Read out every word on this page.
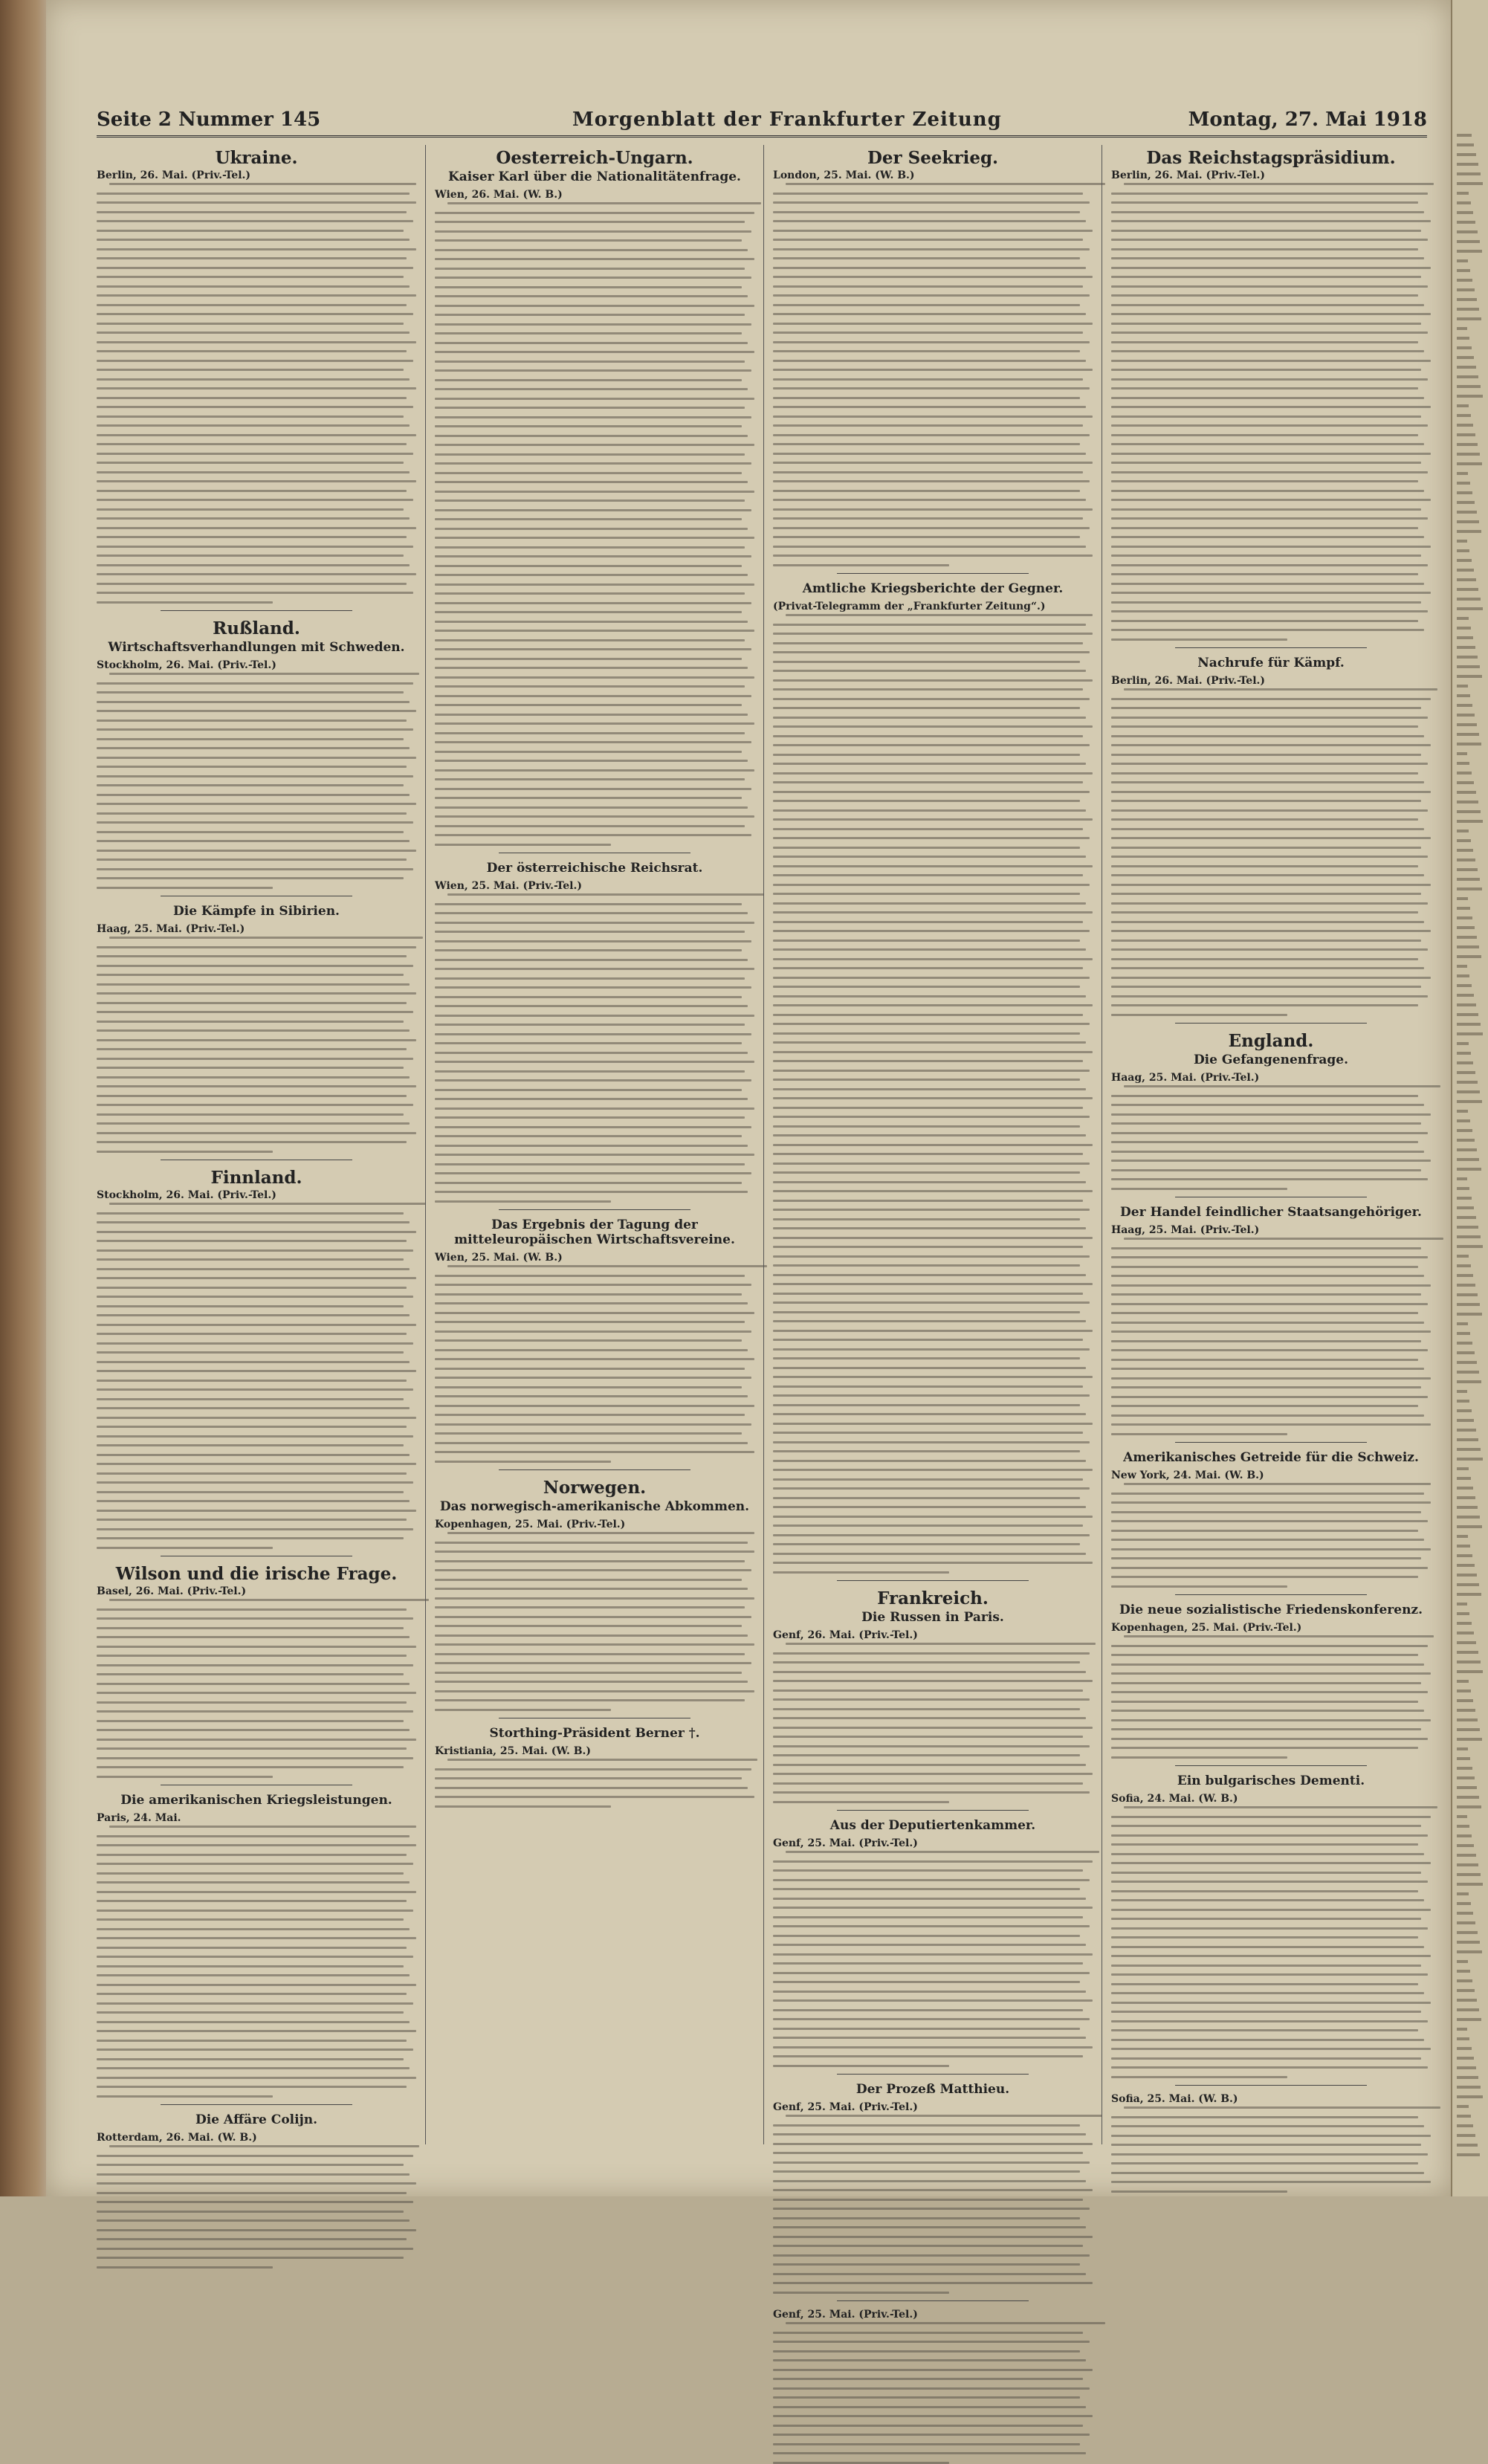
Seite 2 Nummer 145	Morgenblatt der Frankfurter Zeitung	Montag, 27. Mai 1918
Ukraine.
Berlin, 26. Mai. (Priv.-Tel.)
Rußland.
Wirtschaftsverhandlungen mit Schweden.
Stockholm, 26. Mai. (Priv.-Tel.)
Die Kämpfe in Sibirien.
Haag, 25. Mai. (Priv.-Tel.)
Finnland.
Stockholm, 26. Mai. (Priv.-Tel.)
Wilson und die irische Frage.
Basel, 26. Mai. (Priv.-Tel.)
Die amerikanischen Kriegsleistungen.
Paris, 24. Mai.
Die Affäre Colijn.
Rotterdam, 26. Mai. (W. B.)
Oesterreich-Ungarn.
Kaiser Karl über die Nationalitätenfrage.
Wien, 26. Mai. (W. B.)
Der österreichische Reichsrat.
Wien, 25. Mai. (Priv.-Tel.)
Das Ergebnis der Tagung der mitteleuropäischen Wirtschaftsvereine.
Wien, 25. Mai. (W. B.)
Norwegen.
Das norwegisch-amerikanische Abkommen.
Kopenhagen, 25. Mai. (Priv.-Tel.)
Storthing-Präsident Berner †.
Kristiania, 25. Mai. (W. B.)
Der Seekrieg.
London, 25. Mai. (W. B.)
Amtliche Kriegsberichte der Gegner.
(Privat-Telegramm der „Frankfurter Zeitung“.)
Frankreich.
Die Russen in Paris.
Genf, 26. Mai. (Priv.-Tel.)
Aus der Deputiertenkammer.
Genf, 25. Mai. (Priv.-Tel.)
Der Prozeß Matthieu.
Genf, 25. Mai. (Priv.-Tel.)
Genf, 25. Mai. (Priv.-Tel.)
Das Reichstagspräsidium.
Berlin, 26. Mai. (Priv.-Tel.)
Nachrufe für Kämpf.
Berlin, 26. Mai. (Priv.-Tel.)
England.
Die Gefangenenfrage.
Haag, 25. Mai. (Priv.-Tel.)
Der Handel feindlicher Staatsangehöriger.
Haag, 25. Mai. (Priv.-Tel.)
Amerikanisches Getreide für die Schweiz.
New York, 24. Mai. (W. B.)
Die neue sozialistische Friedenskonferenz.
Kopenhagen, 25. Mai. (Priv.-Tel.)
Ein bulgarisches Dementi.
Sofia, 24. Mai. (W. B.)
Sofia, 25. Mai. (W. B.)
